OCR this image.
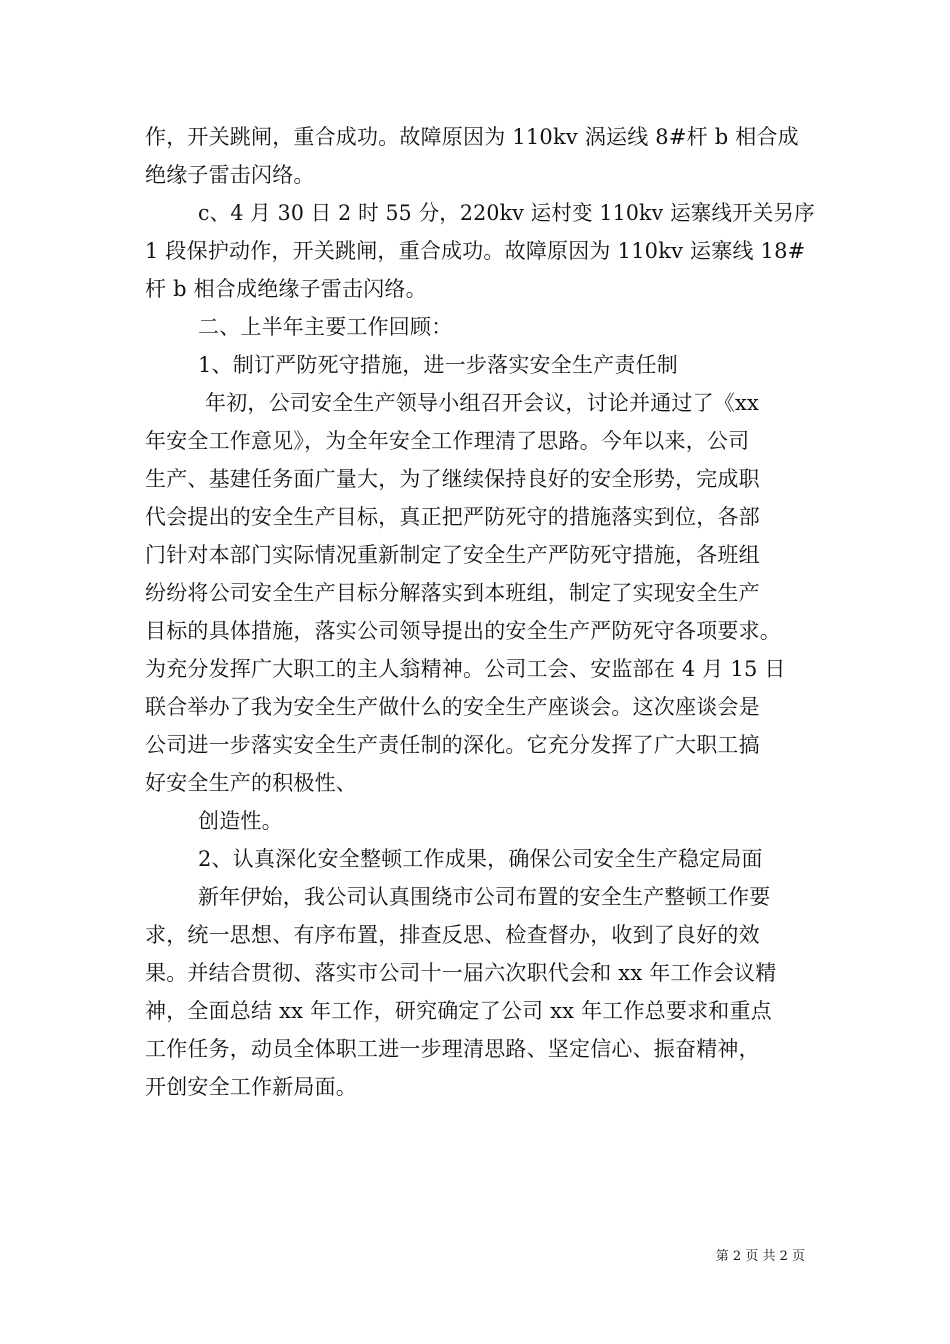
作，开关跳闸，重合成功。故障原因为 110kv 涡运线 8#杆 b 相合成
绝缘子雷击闪络。
c、4 月 30 日 2 时 55 分，220kv 运村变 110kv 运寨线开关另序
1 段保护动作，开关跳闸，重合成功。故障原因为 110kv 运寨线 18#
杆 b 相合成绝缘子雷击闪络。
二、上半年主要工作回顾：
1、制订严防死守措施，进一步落实安全生产责任制
年初，公司安全生产领导小组召开会议，讨论并通过了《xx
年安全工作意见》，为全年安全工作理清了思路。今年以来，公司
生产、基建任务面广量大，为了继续保持良好的安全形势，完成职
代会提出的安全生产目标，真正把严防死守的措施落实到位，各部
门针对本部门实际情况重新制定了安全生产严防死守措施，各班组
纷纷将公司安全生产目标分解落实到本班组，制定了实现安全生产
目标的具体措施，落实公司领导提出的安全生产严防死守各项要求。
为充分发挥广大职工的主人翁精神。公司工会、安监部在 4 月 15 日
联合举办了我为安全生产做什么的安全生产座谈会。这次座谈会是
公司进一步落实安全生产责任制的深化。它充分发挥了广大职工搞
好安全生产的积极性、
创造性。
2、认真深化安全整顿工作成果，确保公司安全生产稳定局面
新年伊始，我公司认真围绕市公司布置的安全生产整顿工作要
求，统一思想、有序布置，排查反思、检查督办，收到了良好的效
果。并结合贯彻、落实市公司十一届六次职代会和 xx 年工作会议精
神，全面总结 xx 年工作，研究确定了公司 xx 年工作总要求和重点
工作任务，动员全体职工进一步理清思路、坚定信心、振奋精神，
开创安全工作新局面。
第 2 页 共 2 页
